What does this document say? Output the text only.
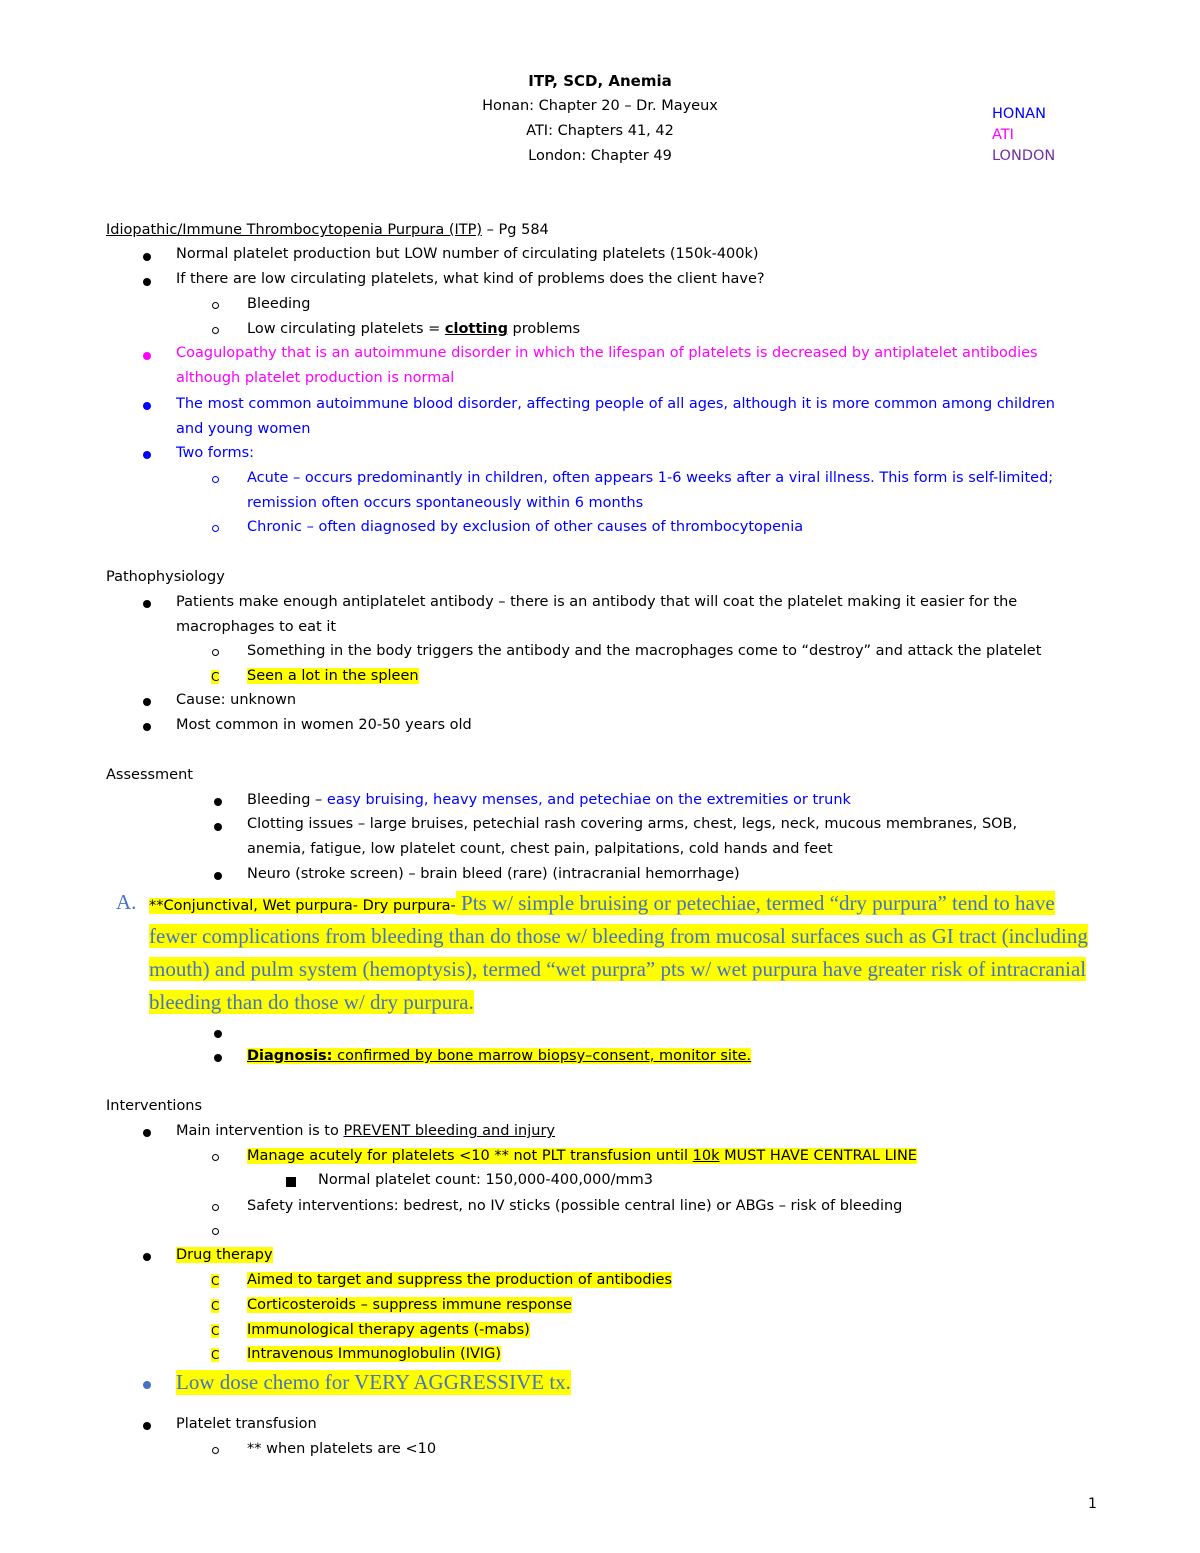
ITP, SCD, Anemia
Honan: Chapter 20 – Dr. Mayeux
ATI: Chapters 41, 42
London: Chapter 49
HONAN
ATI
LONDON
Idiopathic/Immune Thrombocytopenia Purpura (ITP) – Pg 584
Normal platelet production but LOW number of circulating platelets (150k-400k)
If there are low circulating platelets, what kind of problems does the client have?
Bleeding
Low circulating platelets = clotting problems
Coagulopathy that is an autoimmune disorder in which the lifespan of platelets is decreased by antiplatelet antibodies although platelet production is normal
The most common autoimmune blood disorder, affecting people of all ages, although it is more common among children and young women
Two forms:
Acute – occurs predominantly in children, often appears 1-6 weeks after a viral illness. This form is self-limited; remission often occurs spontaneously within 6 months
Chronic – often diagnosed by exclusion of other causes of thrombocytopenia
Pathophysiology
Patients make enough antiplatelet antibody – there is an antibody that will coat the platelet making it easier for the macrophages to eat it
Something in the body triggers the antibody and the macrophages come to “destroy” and attack the platelet
C Seen a lot in the spleen
Cause: unknown
Most common in women 20-50 years old
Assessment
Bleeding – easy bruising, heavy menses, and petechiae on the extremities or trunk
Clotting issues – large bruises, petechial rash covering arms, chest, legs, neck, mucous membranes, SOB, anemia, fatigue, low platelet count, chest pain, palpitations, cold hands and feet
Neuro (stroke screen) – brain bleed (rare) (intracranial hemorrhage)
A. **Conjunctival, Wet purpura- Dry purpura- Pts w/ simple bruising or petechiae, termed “dry purpura” tend to have fewer complications from bleeding than do those w/ bleeding from mucosal surfaces such as GI tract (including mouth) and pulm system (hemoptysis), termed “wet purpra” pts w/ wet purpura have greater risk of intracranial bleeding than do those w/ dry purpura.
Diagnosis: confirmed by bone marrow biopsy–consent, monitor site.
Interventions
Main intervention is to PREVENT bleeding and injury
Manage acutely for platelets <10 ** not PLT transfusion until 10k MUST HAVE CENTRAL LINE
Normal platelet count: 150,000-400,000/mm3
Safety interventions: bedrest, no IV sticks (possible central line) or ABGs – risk of bleeding
Drug therapy
C Aimed to target and suppress the production of antibodies
C Corticosteroids – suppress immune response
C Immunological therapy agents (-mabs)
C Intravenous Immunoglobulin (IVIG)
Low dose chemo for VERY AGGRESSIVE tx.
Platelet transfusion
** when platelets are <10
1
